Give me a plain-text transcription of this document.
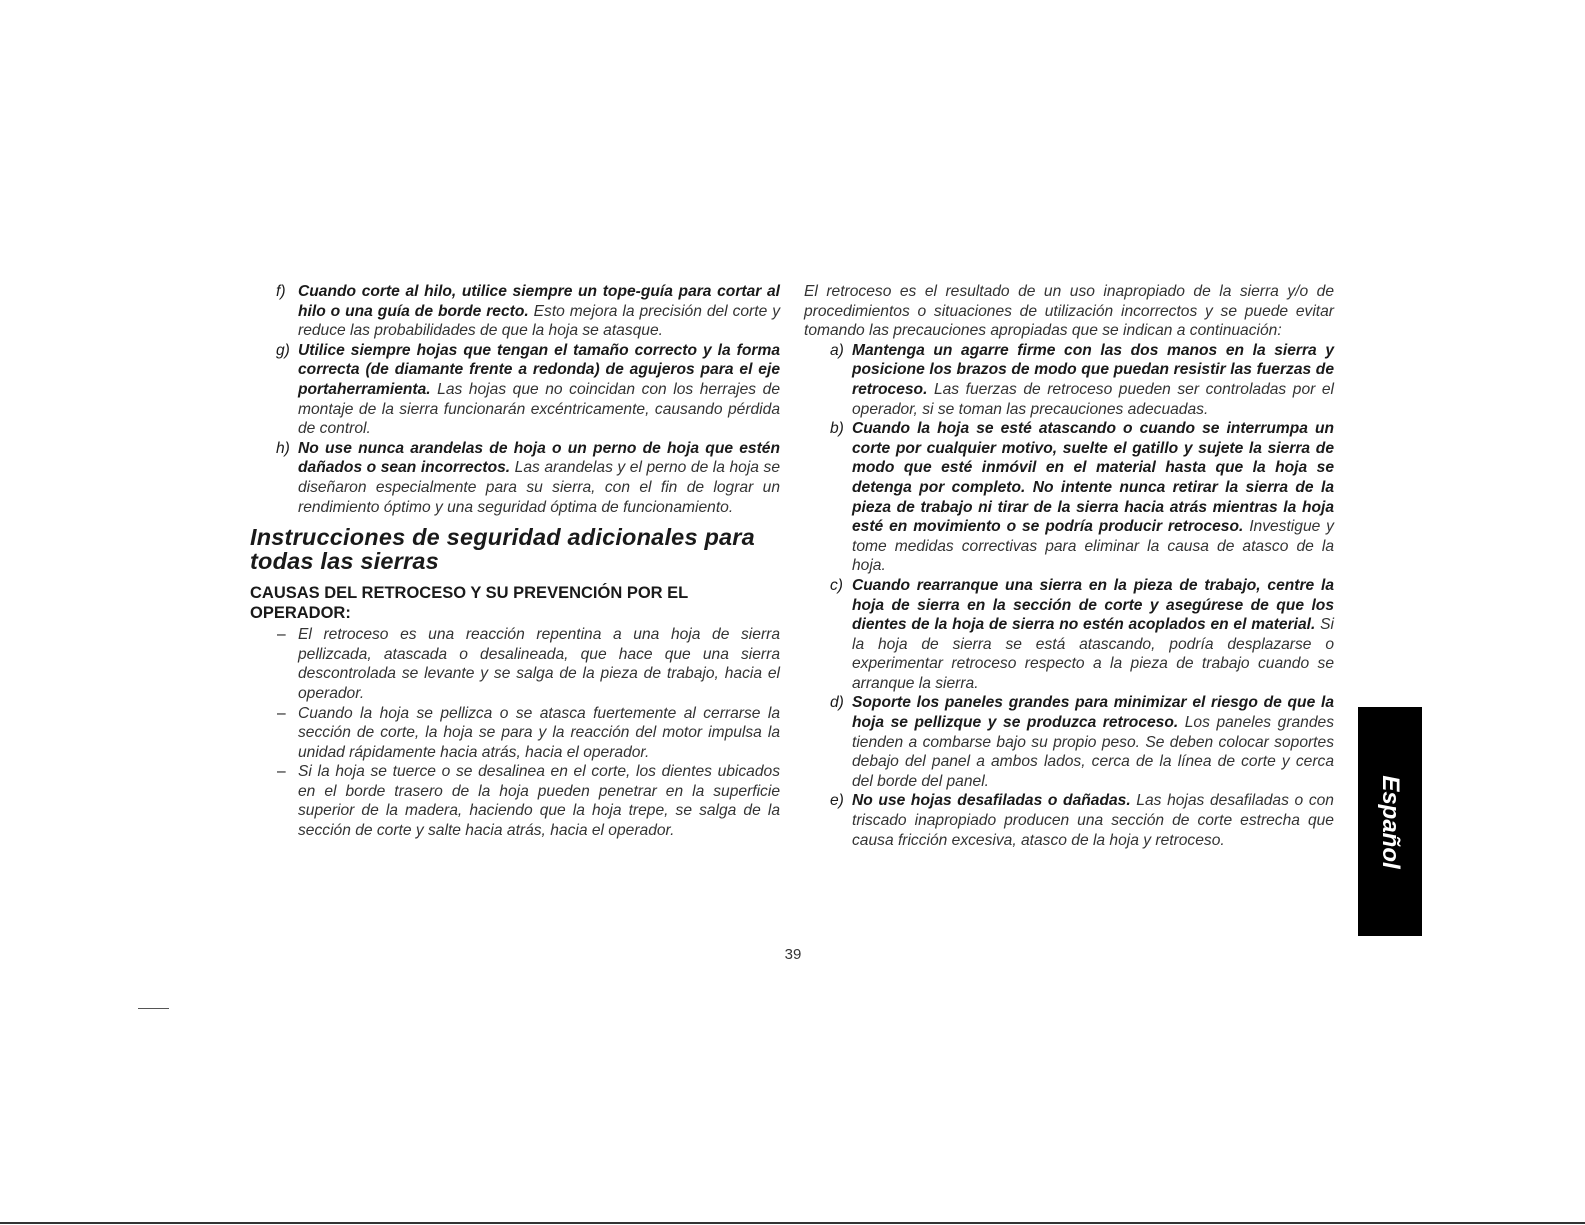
f) Cuando corte al hilo, utilice siempre un tope-guía para cortar al hilo o una guía de borde recto. Esto mejora la precisión del corte y reduce las probabilidades de que la hoja se atasque.
g) Utilice siempre hojas que tengan el tamaño correcto y la forma correcta (de diamante frente a redonda) de agujeros para el eje portaherramienta. Las hojas que no coincidan con los herrajes de montaje de la sierra funcionarán excéntricamente, causando pérdida de control.
h) No use nunca arandelas de hoja o un perno de hoja que estén dañados o sean incorrectos. Las arandelas y el perno de la hoja se diseñaron especialmente para su sierra, con el fin de lograr un rendimiento óptimo y una seguridad óptima de funcionamiento.
Instrucciones de seguridad adicionales para todas las sierras
CAUSAS DEL RETROCESO Y SU PREVENCIÓN POR EL OPERADOR:
– El retroceso es una reacción repentina a una hoja de sierra pellizcada, atascada o desalineada, que hace que una sierra descontrolada se levante y se salga de la pieza de trabajo, hacia el operador.
– Cuando la hoja se pellizca o se atasca fuertemente al cerrarse la sección de corte, la hoja se para y la reacción del motor impulsa la unidad rápidamente hacia atrás, hacia el operador.
– Si la hoja se tuerce o se desalinea en el corte, los dientes ubicados en el borde trasero de la hoja pueden penetrar en la superficie superior de la madera, haciendo que la hoja trepe, se salga de la sección de corte y salte hacia atrás, hacia el operador.
El retroceso es el resultado de un uso inapropiado de la sierra y/o de procedimientos o situaciones de utilización incorrectos y se puede evitar tomando las precauciones apropiadas que se indican a continuación:
a) Mantenga un agarre firme con las dos manos en la sierra y posicione los brazos de modo que puedan resistir las fuerzas de retroceso. Las fuerzas de retroceso pueden ser controladas por el operador, si se toman las precauciones adecuadas.
b) Cuando la hoja se esté atascando o cuando se interrumpa un corte por cualquier motivo, suelte el gatillo y sujete la sierra de modo que esté inmóvil en el material hasta que la hoja se detenga por completo. No intente nunca retirar la sierra de la pieza de trabajo ni tirar de la sierra hacia atrás mientras la hoja esté en movimiento o se podría producir retroceso. Investigue y tome medidas correctivas para eliminar la causa de atasco de la hoja.
c) Cuando rearranque una sierra en la pieza de trabajo, centre la hoja de sierra en la sección de corte y asegúrese de que los dientes de la hoja de sierra no estén acoplados en el material. Si la hoja de sierra se está atascando, podría desplazarse o experimentar retroceso respecto a la pieza de trabajo cuando se arranque la sierra.
d) Soporte los paneles grandes para minimizar el riesgo de que la hoja se pellizque y se produzca retroceso. Los paneles grandes tienden a combarse bajo su propio peso. Se deben colocar soportes debajo del panel a ambos lados, cerca de la línea de corte y cerca del borde del panel.
e) No use hojas desafiladas o dañadas. Las hojas desafiladas o con triscado inapropiado producen una sección de corte estrecha que causa fricción excesiva, atasco de la hoja y retroceso.
39
Español
